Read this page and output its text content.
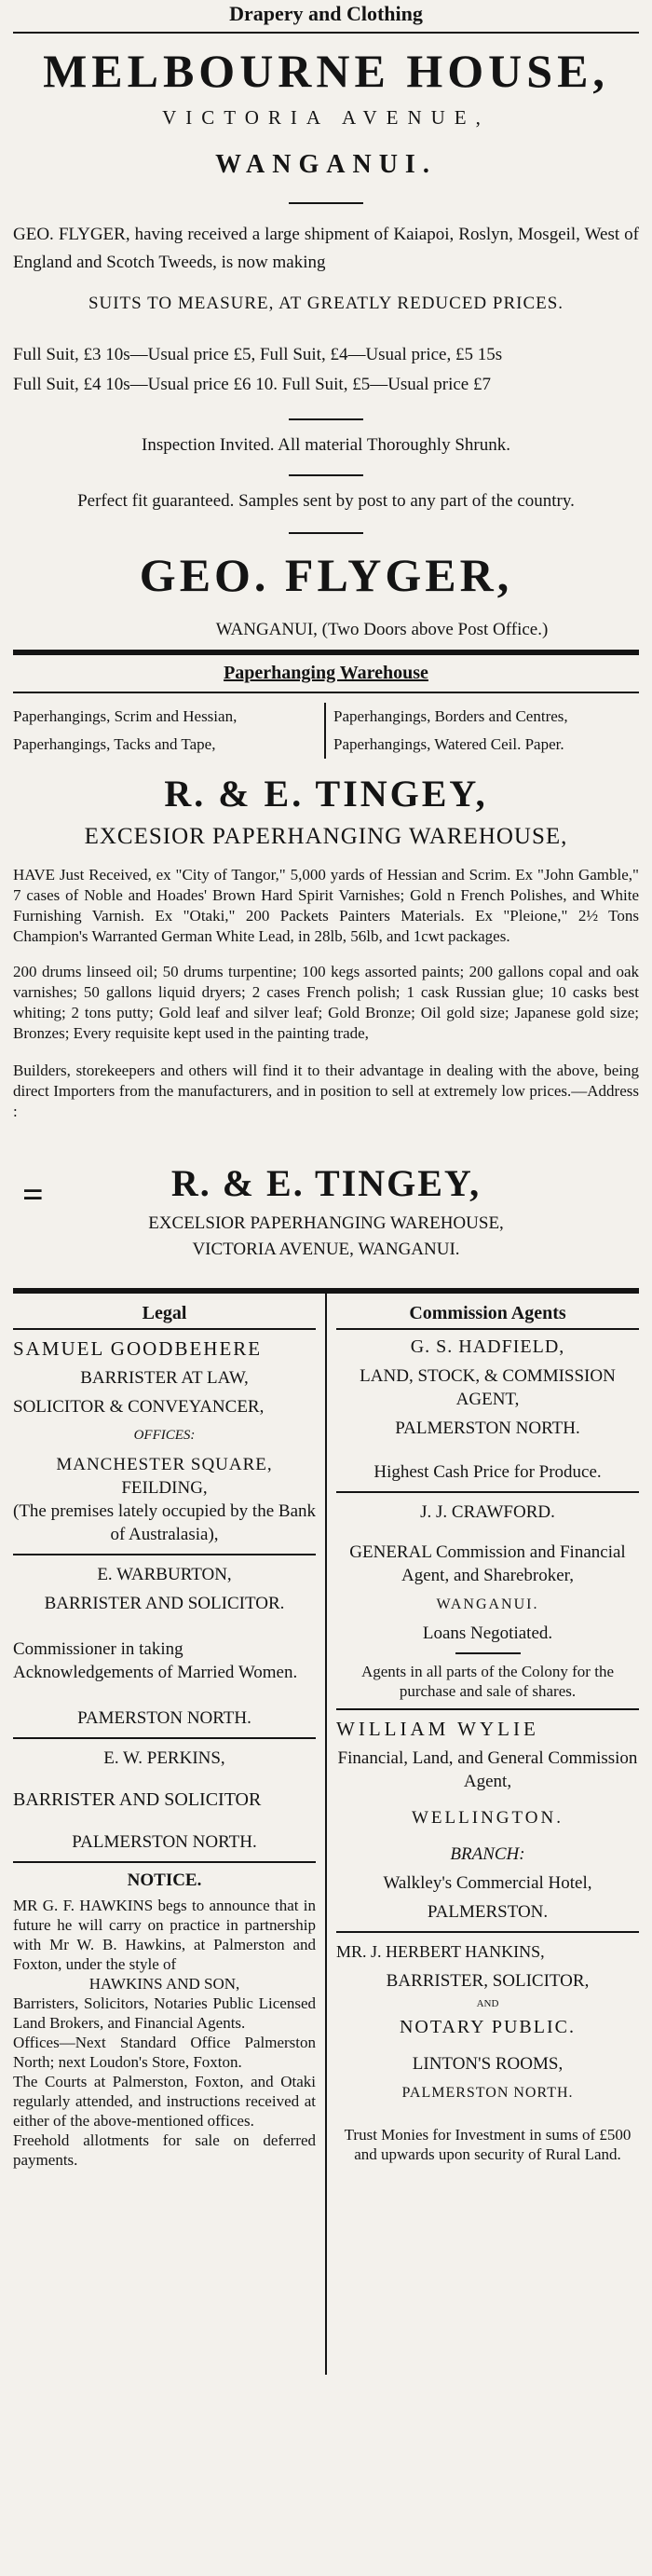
Drapery and Clothing
MELBOURNE HOUSE,
VICTORIA AVENUE,
WANGANUI.

GEO. FLYGER, having received a large shipment of Kaiapoi, Roslyn, Mosgeil, West of England and Scotch Tweeds, is now making

SUITS TO MEASURE, AT GREATLY REDUCED PRICES.
Full Suit, £3 10s—Usual price £5, Full Suit, £4—Usual price, £5 15s
Full Suit, £4 10s—Usual price £6 10. Full Suit, £5—Usual price £7
Inspection Invited. All material Thoroughly Shrunk.
Perfect fit guaranteed. Samples sent by post to any part of the country.
GEO. FLYGER,
WANGANUI, (Two Doors above Post Office.)
Paperhanging Warehouse
Paperhangings, Scrim and Hessian,
Paperhangings, Tacks and Tape,
Paperhangings, Borders and Centres,
Paperhangings, Watered Ceil. Paper.
R. & E. TINGEY,
EXCESIOR PAPERHANGING WAREHOUSE,

HAVE Just Received, ex "City of Tangor," 5,000 yards of Hessian and Scrim. Ex "John Gamble," 7 cases of Noble and Hoades' Brown Hard Spirit Varnishes; Gold n French Polishes, and White Furnishing Varnish. Ex "Otaki," 200 Packets Painters Materials. Ex "Pleione," 2½ Tons Champion's Warranted German White Lead, in 28lb, 56lb, and 1cwt packages.

200 drums linseed oil; 50 drums turpentine; 100 kegs assorted paints; 200 gallons copal and oak varnishes; 50 gallons liquid dryers; 2 cases French polish; 1 cask Russian glue; 10 casks best whiting; 2 tons putty; Gold leaf and silver leaf; Gold Bronze; Oil gold size; Japanese gold size; Bronzes; Every requisite kept used in the painting trade,

Builders, storekeepers and others will find it to their advantage in dealing with the above, being direct Importers from the manufacturers, and in position to sell at extremely low prices.—Address :

=	R. & E. TINGEY,
EXCELSIOR PAPERHANGING WAREHOUSE,
VICTORIA AVENUE, WANGANUI.
Legal

SAMUEL GOODBEHERE

BARRISTER AT LAW,

SOLICITOR & CONVEYANCER,

OFFICES:

MANCHESTER SQUARE,

FEILDING,

(The premises lately occupied by the Bank of Australasia),

E. WARBURTON,

BARRISTER AND SOLICITOR.

Commissioner in taking Acknowledgements of Married Women.

PAMERSTON NORTH.

E. W. PERKINS,

BARRISTER AND SOLICITOR

PALMERSTON NORTH.

NOTICE.

MR G. F. HAWKINS begs to announce that in future he will carry on practice in partnership with Mr W. B. Hawkins, at Palmerston and Foxton, under the style of

HAWKINS AND SON,

Barristers, Solicitors, Notaries Public Licensed Land Brokers, and Financial Agents.

Offices—Next Standard Office Palmerston North; next Loudon's Store, Foxton.

The Courts at Palmerston, Foxton, and Otaki regularly attended, and instructions received at either of the above-mentioned offices.

Freehold allotments for sale on deferred payments.

Commission Agents

G. S. HADFIELD,

LAND, STOCK, & COMMISSION AGENT,

PALMERSTON NORTH.

Highest Cash Price for Produce.

J. J. CRAWFORD.

GENERAL Commission and Financial Agent, and Sharebroker,

WANGANUI.

Loans Negotiated.

Agents in all parts of the Colony for the purchase and sale of shares.

WILLIAM WYLIE

Financial, Land, and General Commission Agent,

WELLINGTON.

BRANCH:

Walkley's Commercial Hotel,

PALMERSTON.

MR. J. HERBERT HANKINS,

BARRISTER, SOLICITOR,

AND

NOTARY PUBLIC.

LINTON'S ROOMS,

PALMERSTON NORTH.

Trust Monies for Investment in sums of £500 and upwards upon security of Rural Land.
